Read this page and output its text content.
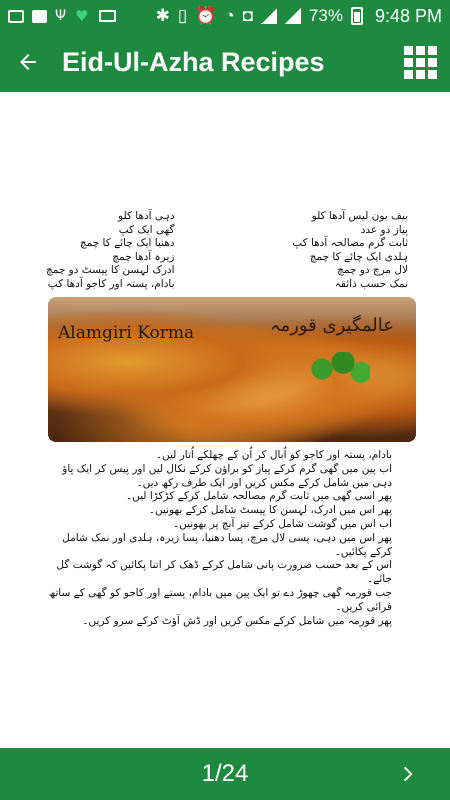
Ψ ♥	✱ ▯ ⏰ ◔ ◘	73% 9:48 PM
Eid-Ul-Azha Recipes
بیف بون لیس آدھا کلو
پیاز دو عدد
ثابت گرم مصالحہ آدھا کپ
ہلدی ایک چائے کا چمچ
لال مرچ دو چمچ
نمک حسب ذائقہ
دہی آدھا کلو
گھی ایک کپ
دھنیا ایک چائے کا چمچ
زیرہ آدھا چمچ
ادرک لہسن کا پیسٹ دو چمچ
بادام، پستہ اور کاجو آدھا کپ
Alamgiri Korma	عالمگیری قورمہ

بادام، پستہ اور کاجو کو اُبال کر اُن کے چھلکے اُتار لیں۔

اب پین میں گھی گرم کرکے پیاز کو براؤن کرکے نکال لیں اور پیس کر ایک پاؤ دہی میں شامل کرکے مکس کریں اور ایک طرف رکھ دیں۔

پھر اسی گھی میں ثابت گرم مصالحہ شامل کرکے کڑکڑا لیں۔

پھر اس میں ادرک، لہسن کا پیسٹ شامل کرکے بھونیں۔

اب اس میں گوشت شامل کرکے تیز آنچ پر بھونیں۔

پھر اس میں دہی، پسی لال مرچ، پسا دھنیا، پسا زیرہ، ہلدی اور نمک شامل کرکے پکائیں۔

اس کے بعد حسب ضرورت پانی شامل کرکے ڈھک کر اتنا پکائیں کہ گوشت گل جائے۔

جب قورمہ گھی چھوڑ دے تو ایک پین میں بادام، پستے اور کاجو کو گھی کے ساتھ فرائی کریں۔

پھر قورمہ میں شامل کرکے مکس کریں اور ڈش آؤٹ کرکے سرو کریں۔

1/24
